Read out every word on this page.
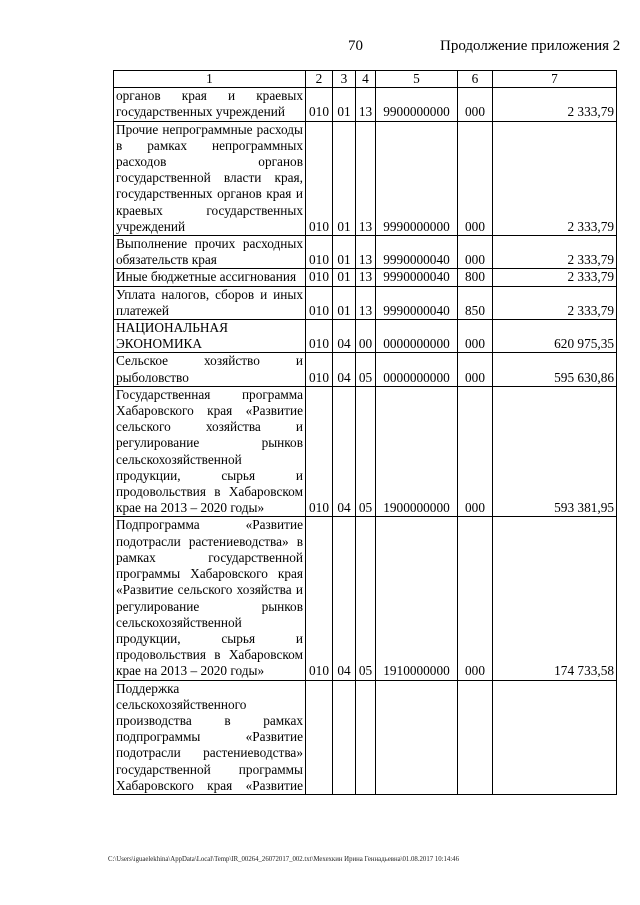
70	Продолжение приложения 2
1	2	3	4	5	6	7
органов края и краевых государственных учреждений	010	01	13	9900000000	000	2 333,79
Прочие непрограммные расходы в рамках непрограммных расходов органов государственной власти края, государственных органов края и краевых государственных учреждений	010	01	13	9990000000	000	2 333,79
Выполнение прочих расходных обязательств края	010	01	13	9990000040	000	2 333,79
Иные бюджетные ассигнования	010	01	13	9990000040	800	2 333,79
Уплата налогов, сборов и иных платежей	010	01	13	9990000040	850	2 333,79
НАЦИОНАЛЬНАЯ ЭКОНОМИКА	010	04	00	0000000000	000	620 975,35
Сельское хозяйство и рыболовство	010	04	05	0000000000	000	595 630,86
Государственная программа Хабаровского края «Развитие сельского хозяйства и регулирование рынков сельскохозяйственной продукции, сырья и продовольствия в Хабаровском крае на 2013 – 2020 годы»	010	04	05	1900000000	000	593 381,95
Подпрограмма «Развитие подотрасли растениеводства» в рамках государственной программы Хабаровского края «Развитие сельского хозяйства и регулирование рынков сельскохозяйственной продукции, сырья и продовольствия в Хабаровском крае на 2013 – 2020 годы»	010	04	05	1910000000	000	174 733,58
Поддержка сельскохозяйственного производства в рамках подпрограммы «Развитие подотрасли растениеводства» государственной программы Хабаровского края «Развитие						
C:\Users\iguaelekhina\AppData\Local\Temp\IR_00264_26072017_002.txt\Мехехкин Ирина Геннадьевна\01.08.2017 10:14:46
